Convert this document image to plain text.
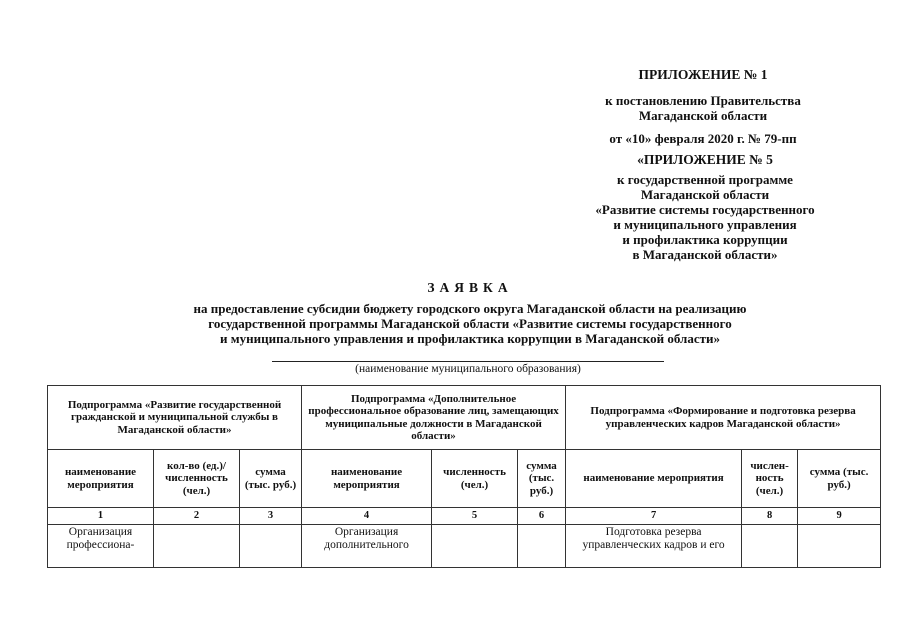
ПРИЛОЖЕНИЕ № 1
к постановлению Правительства
Магаданской области
от «10» февраля 2020 г. № 79-пп
«ПРИЛОЖЕНИЕ № 5
к государственной программе
Магаданской области
«Развитие системы государственного
и муниципального управления
и профилактика коррупции
в Магаданской области»
ЗАЯВКА
на предоставление субсидии бюджету городского округа Магаданской области на реализацию
государственной программы Магаданской области «Развитие системы государственного
и муниципального управления и профилактика коррупции в Магаданской области»
(наименование муниципального образования)
Подпрограмма «Развитие государственной гражданской и муниципальной службы в Магаданской области»			Подпрограмма «Дополнительное профессиональное образование лиц, замещающих муниципальные должности в Магаданской области»			Подпрограмма «Формирование и подготовка резерва управленческих кадров Магаданской области»		
наименование мероприятия	кол-во (ед.)/ численность (чел.)	сумма (тыс. руб.)	наименование мероприятия	численность (чел.)	сумма (тыс. руб.)	наименование мероприятия	числен-ность (чел.)	сумма (тыс. руб.)
1	2	3	4	5	6	7	8	9
Организация профессиона-			Организация дополнительного			Подготовка резерва управленческих кадров и его		
